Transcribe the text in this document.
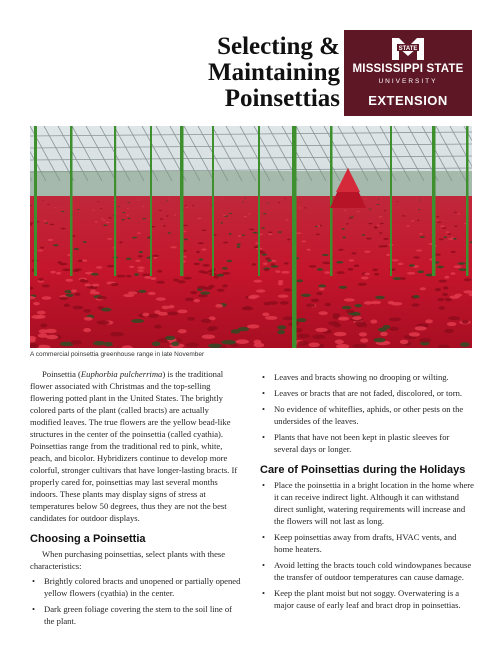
Selecting &
Maintaining
Poinsettias
STATE
MISSISSIPPI STATE
UNIVERSITY
EXTENSION
A commercial poinsettia greenhouse range in late November

Poinsettia (Euphorbia pulcherrima) is the traditional flower associated with Christmas and the top-selling flowering potted plant in the United States. The brightly colored parts of the plant (called bracts) are actually modified leaves. The true flowers are the yellow bead-like structures in the center of the poinsettia (called cyathia). Poinsettias range from the traditional red to pink, white, peach, and bicolor. Hybridizers continue to develop more colorful, stronger cultivars that have longer-lasting bracts. If properly cared for, poinsettias may last several months indoors. These plants may display signs of stress at temperatures below 50 degrees, thus they are not the best candidates for outdoor displays.

Choosing a Poinsettia

When purchasing poinsettias, select plants with these characteristics:

• Brightly colored bracts and unopened or partially opened yellow flowers (cyathia) in the center.
• Dark green foliage covering the stem to the soil line of the plant.
• Leaves and bracts showing no drooping or wilting.
• Leaves or bracts that are not faded, discolored, or torn.
• No evidence of whiteflies, aphids, or other pests on the undersides of the leaves.
• Plants that have not been kept in plastic sleeves for several days or longer.
Care of Poinsettias during the Holidays
• Place the poinsettia in a bright location in the home where it can receive indirect light. Although it can withstand direct sunlight, watering requirements will increase and the flowers will not last as long.
• Keep poinsettias away from drafts, HVAC vents, and home heaters.
• Avoid letting the bracts touch cold windowpanes because the transfer of outdoor temperatures can cause damage.
• Keep the plant moist but not soggy. Overwatering is a major cause of early leaf and bract drop in poinsettias.
